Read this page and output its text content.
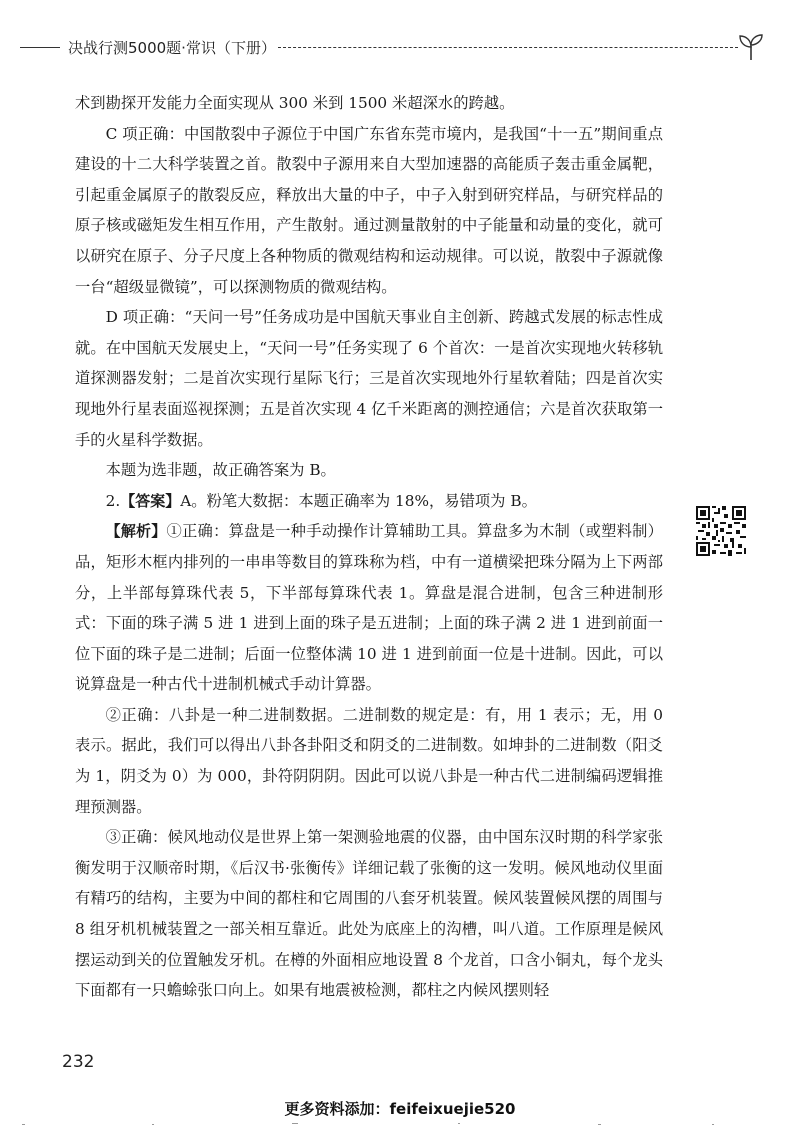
决战行测5000题·常识（下册）

术到勘探开发能力全面实现从 300 米到 1500 米超深水的跨越。

C 项正确：中国散裂中子源位于中国广东省东莞市境内，是我国“十一五”期间重点建设的十二大科学装置之首。散裂中子源用来自大型加速器的高能质子轰击重金属靶，引起重金属原子的散裂反应，释放出大量的中子，中子入射到研究样品，与研究样品的原子核或磁矩发生相互作用，产生散射。通过测量散射的中子能量和动量的变化，就可以研究在原子、分子尺度上各种物质的微观结构和运动规律。可以说，散裂中子源就像一台“超级显微镜”，可以探测物质的微观结构。

D 项正确：“天问一号”任务成功是中国航天事业自主创新、跨越式发展的标志性成就。在中国航天发展史上，“天问一号”任务实现了 6 个首次：一是首次实现地火转移轨道探测器发射；二是首次实现行星际飞行；三是首次实现地外行星软着陆；四是首次实现地外行星表面巡视探测；五是首次实现 4 亿千米距离的测控通信；六是首次获取第一手的火星科学数据。

本题为选非题，故正确答案为 B。

2.【答案】A。粉笔大数据：本题正确率为 18%，易错项为 B。

【解析】①正确：算盘是一种手动操作计算辅助工具。算盘多为木制（或塑料制）品，矩形木框内排列的一串串等数目的算珠称为档，中有一道横梁把珠分隔为上下两部分，上半部每算珠代表 5，下半部每算珠代表 1。算盘是混合进制，包含三种进制形式：下面的珠子满 5 进 1 进到上面的珠子是五进制；上面的珠子满 2 进 1 进到前面一位下面的珠子是二进制；后面一位整体满 10 进 1 进到前面一位是十进制。因此，可以说算盘是一种古代十进制机械式手动计算器。

②正确：八卦是一种二进制数据。二进制数的规定是：有，用 1 表示；无，用 0 表示。据此，我们可以得出八卦各卦阳爻和阴爻的二进制数。如坤卦的二进制数（阳爻为 1，阴爻为 0）为 000，卦符阴阴阴。因此可以说八卦是一种古代二进制编码逻辑推理预测器。

③正确：候风地动仪是世界上第一架测验地震的仪器，由中国东汉时期的科学家张衡发明于汉顺帝时期，《后汉书·张衡传》详细记载了张衡的这一发明。候风地动仪里面有精巧的结构，主要为中间的都柱和它周围的八套牙机装置。候风装置候风摆的周围与 8 组牙机机械装置之一部关相互靠近。此处为底座上的沟槽，叫八道。工作原理是候风摆运动到关的位置触发牙机。在樽的外面相应地设置 8 个龙首，口含小铜丸，每个龙头下面都有一只蟾蜍张口向上。如果有地震被检测，都柱之内候风摆则轻

232
更多资料添加：feifeixuejie520
